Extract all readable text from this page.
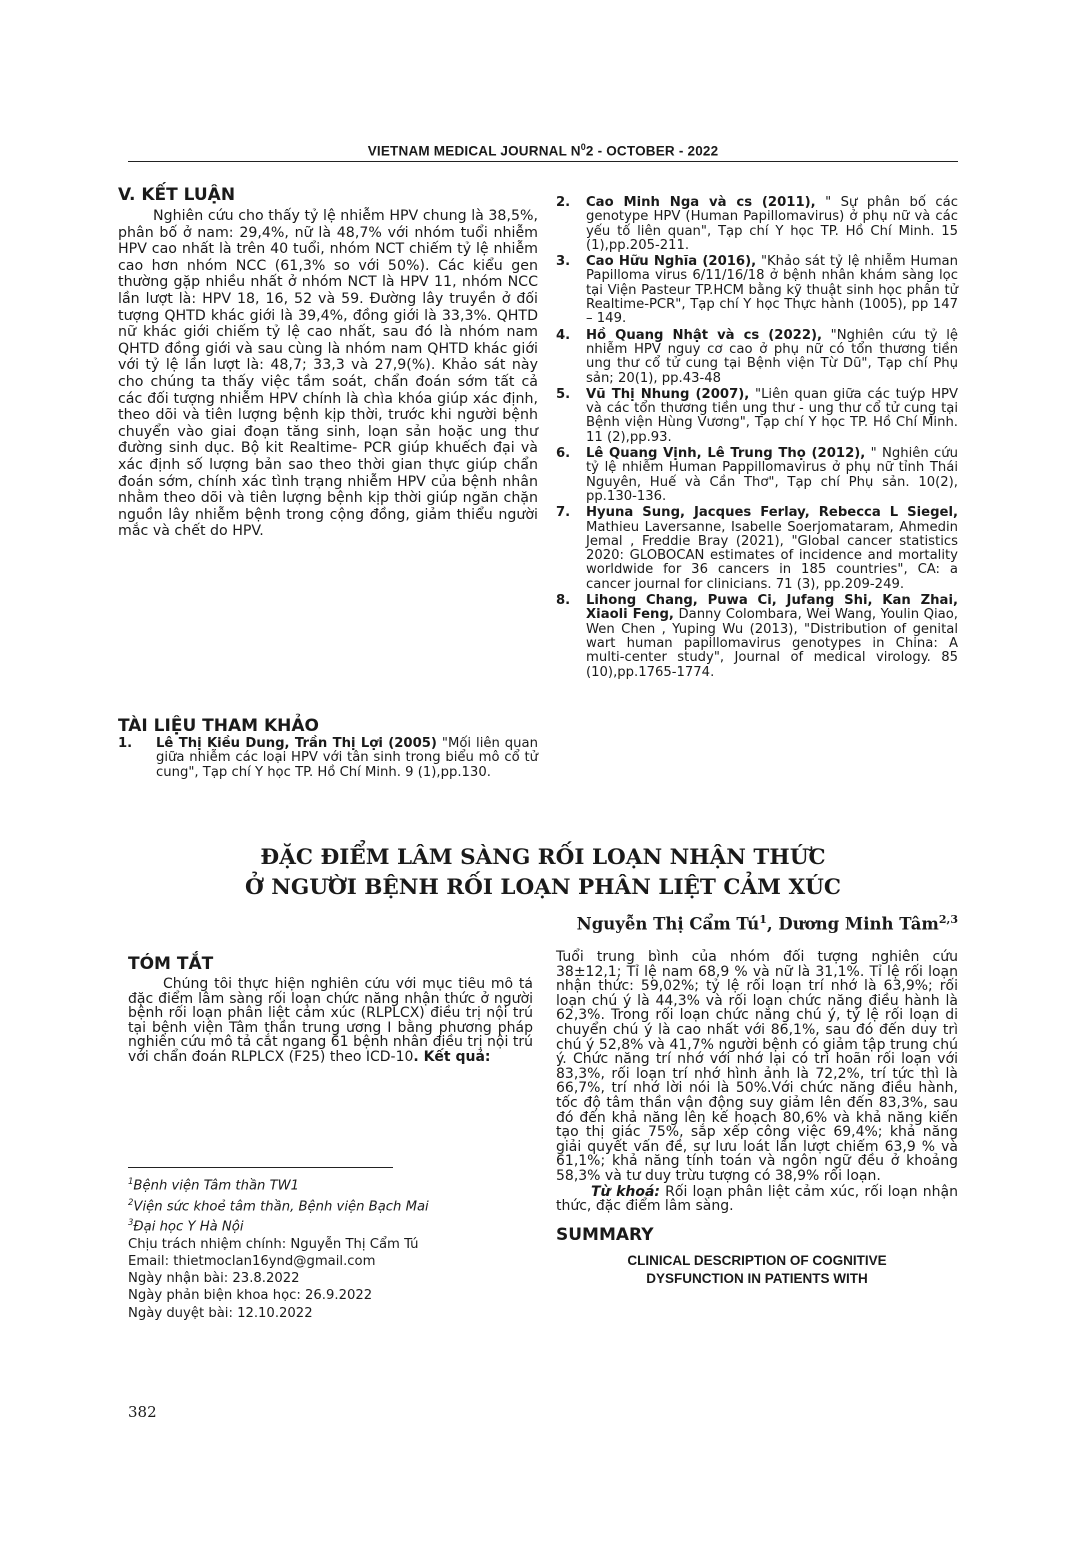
VIETNAM MEDICAL JOURNAL $N^02$ - OCTOBER - 2022
V. KẾT LUẬN

Nghiên cứu cho thấy tỷ lệ nhiễm HPV chung là 38,5%, phân bố ở nam: 29,4%, nữ là 48,7% với nhóm tuổi nhiễm HPV cao nhất là trên 40 tuổi, nhóm NCT chiếm tỷ lệ nhiễm cao hơn nhóm NCC (61,3% so với 50%). Các kiểu gen thường gặp nhiều nhất ở nhóm NCT là HPV 11, nhóm NCC lần lượt là: HPV 18, 16, 52 và 59. Đường lây truyền ở đối tượng QHTD khác giới là 39,4%, đồng giới là 33,3%. QHTD nữ khác giới chiếm tỷ lệ cao nhất, sau đó là nhóm nam QHTD đồng giới và sau cùng là nhóm nam QHTD khác giới với tỷ lệ lần lượt là: 48,7; 33,3 và 27,9(%). Khảo sát này cho chúng ta thấy việc tầm soát, chẩn đoán sớm tất cả các đối tượng nhiễm HPV chính là chìa khóa giúp xác định, theo dõi và tiên lượng bệnh kịp thời, trước khi người bệnh chuyển vào giai đoạn tăng sinh, loạn sản hoặc ung thư đường sinh dục. Bộ kit Realtime- PCR giúp khuếch đại và xác định số lượng bản sao theo thời gian thực giúp chẩn đoán sớm, chính xác tình trạng nhiễm HPV của bệnh nhân nhằm theo dõi và tiên lượng bệnh kịp thời giúp ngăn chặn nguồn lây nhiễm bệnh trong cộng đồng, giảm thiểu người mắc và chết do HPV.

TÀI LIỆU THAM KHẢO
1. Lê Thị Kiều Dung, Trần Thị Lợi (2005) "Mối liên quan giữa nhiễm các loại HPV với tân sinh trong biểu mô cổ tử cung", Tạp chí Y học TP. Hồ Chí Minh. 9 (1),pp.130.
2. Cao Minh Nga và cs (2011), " Sự phân bố các genotype HPV (Human Papillomavirus) ở phụ nữ và các yếu tố liên quan", Tạp chí Y học TP. Hồ Chí Minh. 15 (1),pp.205-211.
3. Cao Hữu Nghĩa (2016), "Khảo sát tỷ lệ nhiễm Human Papilloma virus 6/11/16/18 ở bệnh nhân khám sàng lọc tại Viện Pasteur TP.HCM bằng kỹ thuật sinh học phân tử Realtime-PCR", Tạp chí Y học Thực hành (1005), pp 147 – 149.
4. Hồ Quang Nhật và cs (2022), "Nghiên cứu tỷ lệ nhiễm HPV nguy cơ cao ở phụ nữ có tổn thương tiền ung thư cổ tử cung tại Bệnh viện Từ Dũ", Tạp chí Phụ sản; 20(1), pp.43-48
5. Vũ Thị Nhung (2007), "Liên quan giữa các tuýp HPV và các tổn thương tiền ung thư - ung thư cổ tử cung tại Bệnh viện Hùng Vương", Tạp chí Y học TP. Hồ Chí Minh. 11 (2),pp.93.
6. Lê Quang Vịnh, Lê Trung Thọ (2012), " Nghiên cứu tỷ lệ nhiễm Human Pappillomavirus ở phụ nữ tỉnh Thái Nguyên, Huế và Cần Thơ", Tạp chí Phụ sản. 10(2), pp.130-136.
7. Hyuna Sung, Jacques Ferlay, Rebecca L Siegel, Mathieu Laversanne, Isabelle Soerjomataram, Ahmedin Jemal , Freddie Bray (2021), "Global cancer statistics 2020: GLOBOCAN estimates of incidence and mortality worldwide for 36 cancers in 185 countries", CA: a cancer journal for clinicians. 71 (3), pp.209-249.
8. Lihong Chang, Puwa Ci, Jufang Shi, Kan Zhai, Xiaoli Feng, Danny Colombara, Wei Wang, Youlin Qiao, Wen Chen , Yuping Wu (2013), "Distribution of genital wart human papillomavirus genotypes in China: A multi-center study", Journal of medical virology. 85 (10),pp.1765-1774.
ĐẶC ĐIỂM LÂM SÀNG RỐI LOẠN NHẬN THỨC
Ở NGƯỜI BỆNH RỐI LOẠN PHÂN LIỆT CẢM XÚC
Nguyễn Thị Cẩm $Tú^1$, Dương Minh Tâm$^{2,3}$
TÓM TẮT

Chúng tôi thực hiện nghiên cứu với mục tiêu mô tả đặc điểm lâm sàng rối loạn chức năng nhận thức ở người bệnh rối loạn phân liệt cảm xúc (RLPLCX) điều trị nội trú tại bệnh viện Tâm thần trung ương I bằng phương pháp nghiên cứu mô tả cắt ngang 61 bệnh nhân điều trị nội trú với chẩn đoán RLPLCX (F25) theo ICD-10. Kết quả:

Tuổi trung bình của nhóm đối tượng nghiên cứu 38±12,1; Tỉ lệ nam 68,9 % và nữ là 31,1%. Tỉ lệ rối loạn nhận thức: 59,02%; tỷ lệ rối loạn trí nhớ là 63,9%; rối loạn chú ý là 44,3% và rối loạn chức năng điều hành là 62,3%. Trong rối loạn chức năng chú ý, tỷ lệ rối loạn di chuyển chú ý là cao nhất với 86,1%, sau đó đến duy trì chú ý 52,8% và 41,7% người bệnh có giảm tập trung chú ý. Chức năng trí nhớ với nhớ lại có trì hoãn rối loạn với 83,3%, rối loạn trí nhớ hình ảnh là 72,2%, trí tức thì là 66,7%, trí nhớ lời nói là 50%.Với chức năng điều hành, tốc độ tâm thần vận động suy giảm lên đến 83,3%, sau đó đến khả năng lên kế hoạch 80,6% và khả năng kiến tạo thị giác 75%, sắp xếp công việc 69,4%; khả năng giải quyết vấn đề, sự lưu loát lần lượt chiếm 63,9 % và 61,1%; khả năng tính toán và ngôn ngữ đều ở khoảng 58,3% và tư duy trừu tượng có 38,9% rối loạn.

Từ khoá: Rối loạn phân liệt cảm xúc, rối loạn nhận thức, đặc điểm lâm sàng.

SUMMARY
CLINICAL DESCRIPTION OF COGNITIVE
DYSFUNCTION IN PATIENTS WITH
$^1$Bệnh viện Tâm thần TW1
$^2$Viện sức khoẻ tâm thần, Bệnh viện Bạch Mai
$^3$Đại học Y Hà Nội
Chịu trách nhiệm chính: Nguyễn Thị Cẩm Tú
Email: thietmoclan16ynd@gmail.com
Ngày nhận bài: 23.8.2022
Ngày phản biện khoa học: 26.9.2022
Ngày duyệt bài: 12.10.2022
382
